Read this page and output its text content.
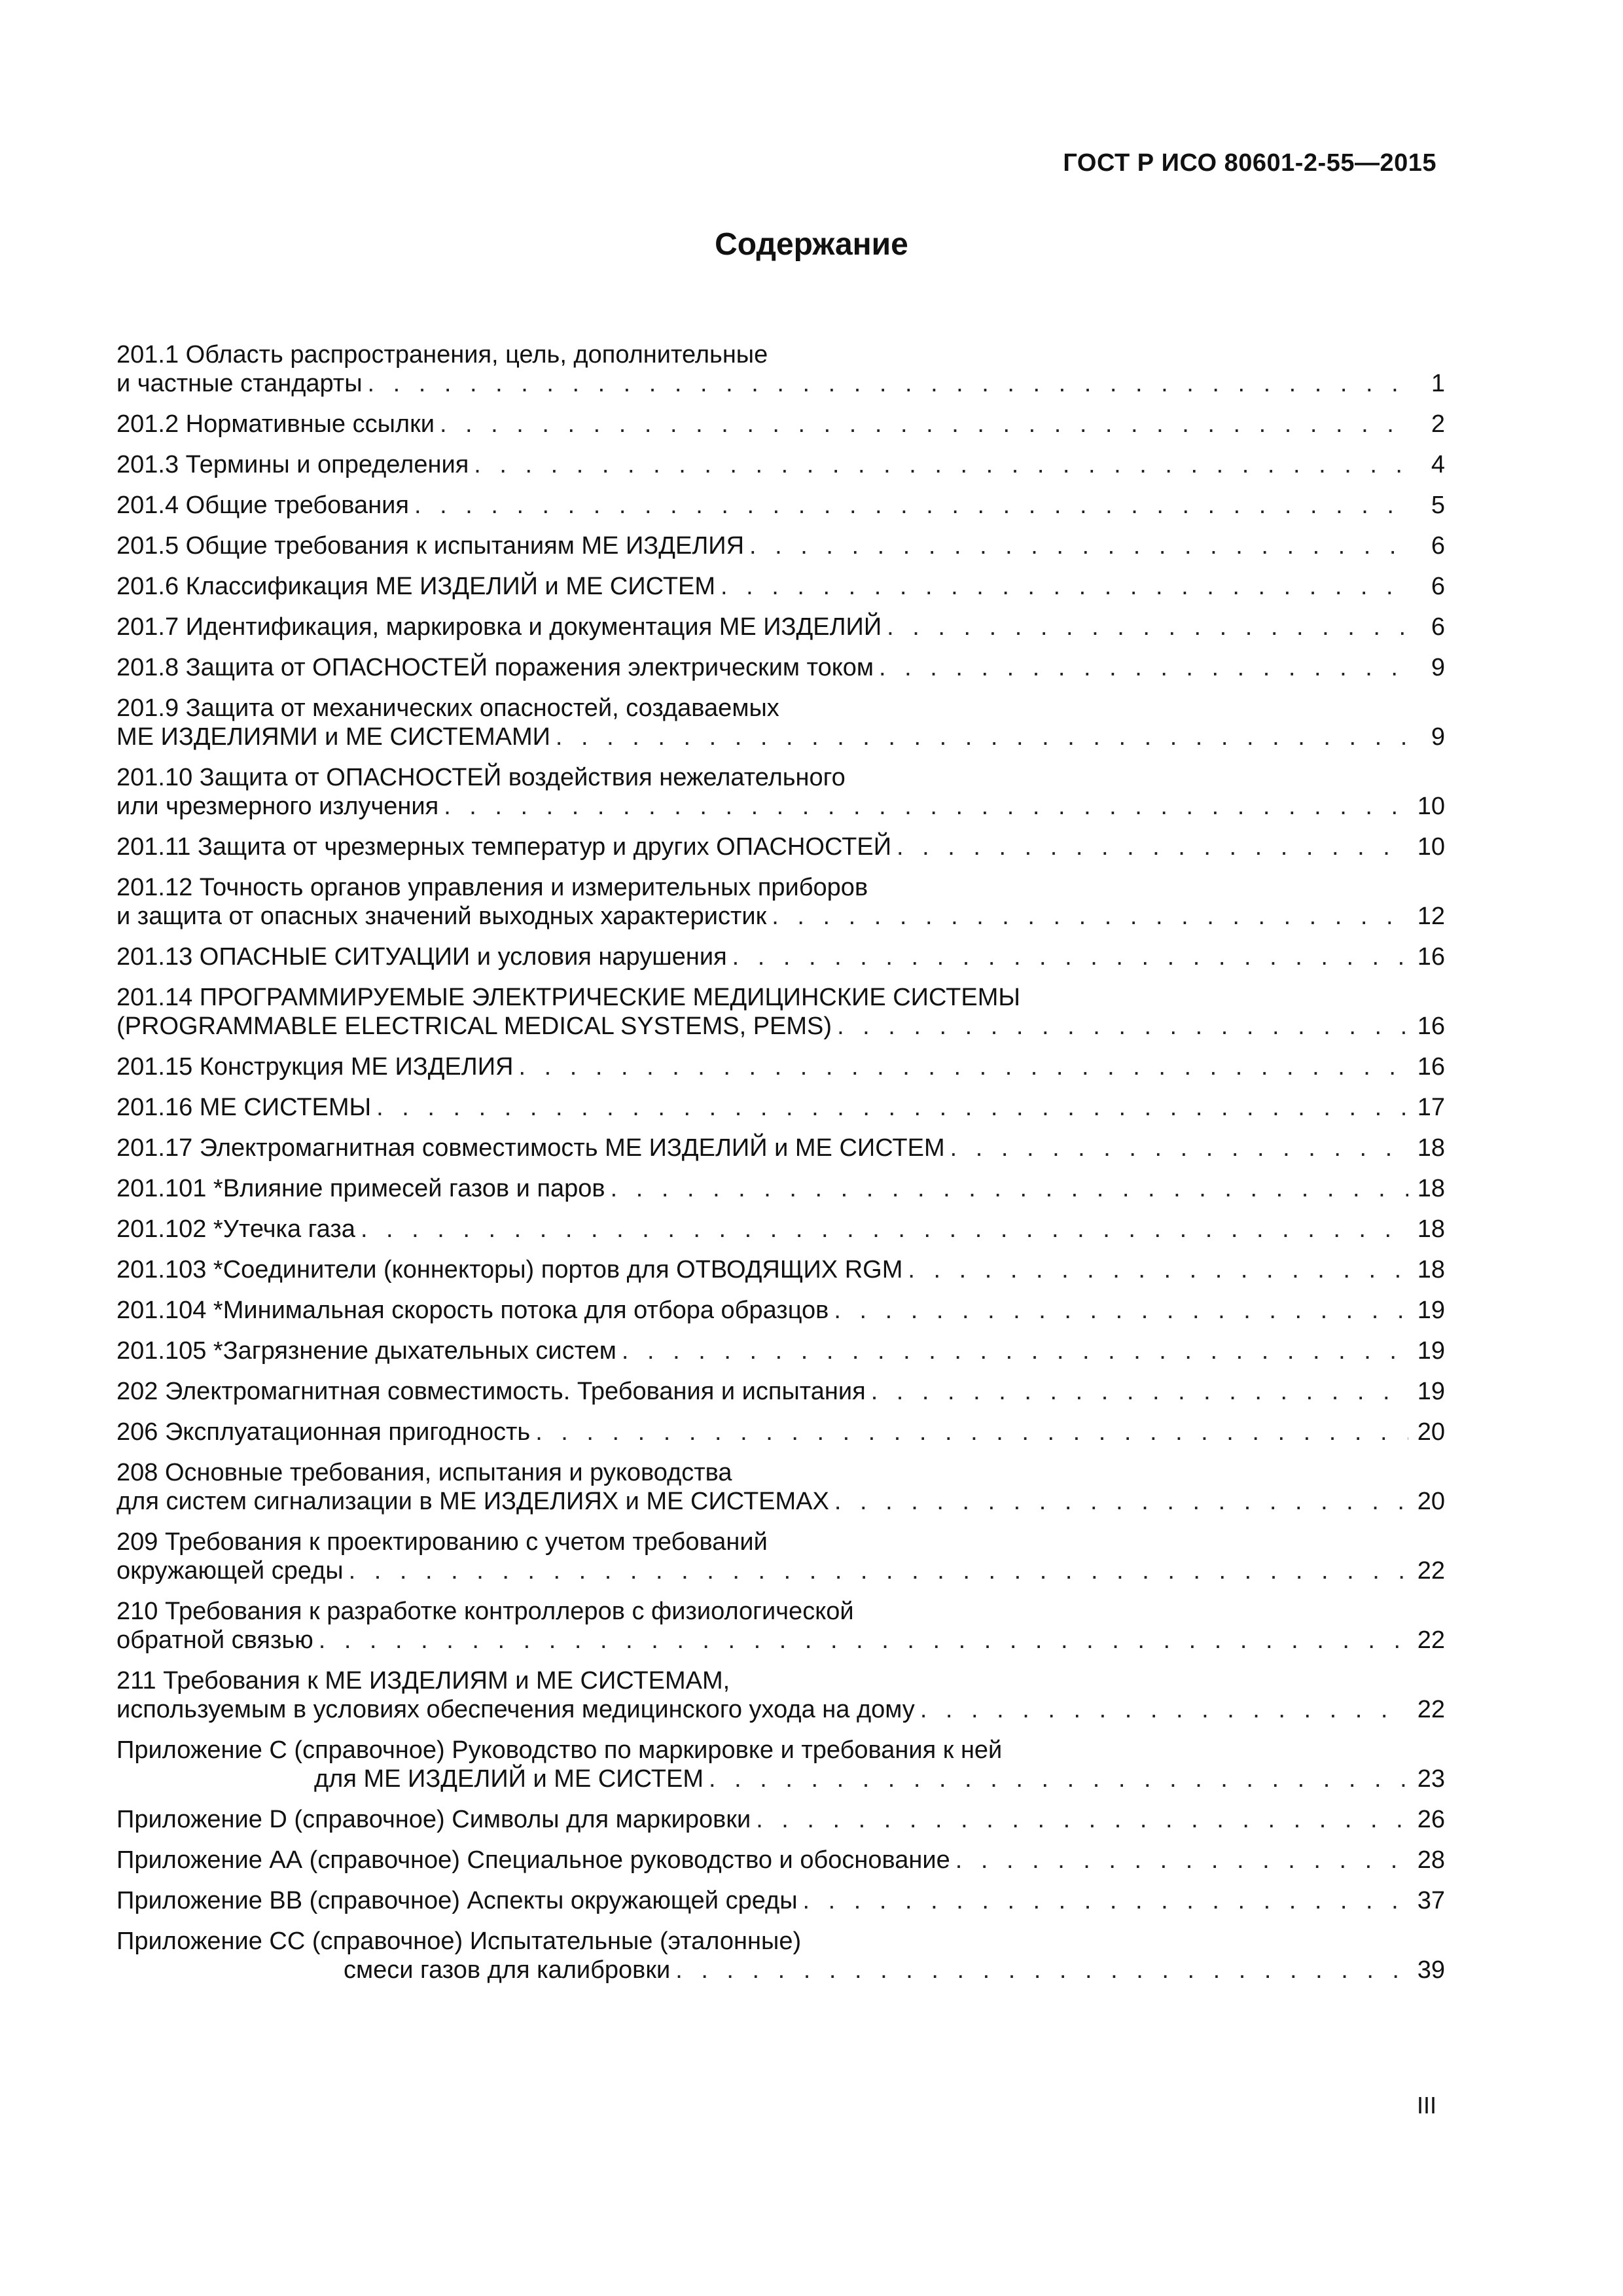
ГОСТ Р ИСО 80601-2-55—2015
Содержание
201.1 Область распространения, цель, дополнительные
и частные стандарты . . .	1
201.2 Нормативные ссылки . . .	2
201.3 Термины и определения . . .	4
201.4 Общие требования . . .	5
201.5 Общие требования к испытаниям ME ИЗДЕЛИЯ . . .	6
201.6 Классификация ME ИЗДЕЛИЙ и ME СИСТЕМ . . .	6
201.7 Идентификация, маркировка и документация ME ИЗДЕЛИЙ . . .	6
201.8 Защита от ОПАСНОСТЕЙ поражения электрическим током . . .	9
201.9 Защита от механических опасностей, создаваемых
МЕ ИЗДЕЛИЯМИ и МЕ СИСТЕМАМИ . . .	9
201.10 Защита от ОПАСНОСТЕЙ воздействия нежелательного
или чрезмерного излучения . . .	10
201.11 Защита от чрезмерных температур и других ОПАСНОСТЕЙ . . .	10
201.12 Точность органов управления и измерительных приборов
и защита от опасных значений выходных характеристик . . .	12
201.13 ОПАСНЫЕ СИТУАЦИИ и условия нарушения . . .	16
201.14 ПРОГРАММИРУЕМЫЕ ЭЛЕКТРИЧЕСКИЕ МЕДИЦИНСКИЕ СИСТЕМЫ
(PROGRAMMABLE ELECTRICAL MEDICAL SYSTEMS, PEMS) . . .	16
201.15 Конструкция ME ИЗДЕЛИЯ . . .	16
201.16 ME СИСТЕМЫ . . .	17
201.17 Электромагнитная совместимость ME ИЗДЕЛИЙ и ME СИСТЕМ . . .	18
201.101 *Влияние примесей газов и паров . . .	18
201.102 *Утечка газа . . .	18
201.103 *Соединители (коннекторы) портов для ОТВОДЯЩИХ RGM . . .	18
201.104 *Минимальная скорость потока для отбора образцов . . .	19
201.105 *Загрязнение дыхательных систем . . .	19
202 Электромагнитная совместимость. Требования и испытания . . .	19
206 Эксплуатационная пригодность . . .	20
208 Основные требования, испытания и руководства
для систем сигнализации в МЕ ИЗДЕЛИЯХ и МЕ СИСТЕМАХ . . .	20
209 Требования к проектированию с учетом требований
окружающей среды . . .	22
210 Требования к разработке контроллеров с физиологической
обратной связью . . .	22
211 Требования к МЕ ИЗДЕЛИЯМ и МЕ СИСТЕМАМ,
используемым в условиях обеспечения медицинского ухода на дому . . .	22
Приложение С (справочное) Руководство по маркировке и требования к ней
для МЕ ИЗДЕЛИЙ и МЕ СИСТЕМ . . .	23
Приложение D (справочное) Символы для маркировки . . .	26
Приложение АА (справочное) Специальное руководство и обоснование . . .	28
Приложение ВВ (справочное) Аспекты окружающей среды . . .	37
Приложение СС (справочное) Испытательные (эталонные)
смеси газов для калибровки . . .	39
III
